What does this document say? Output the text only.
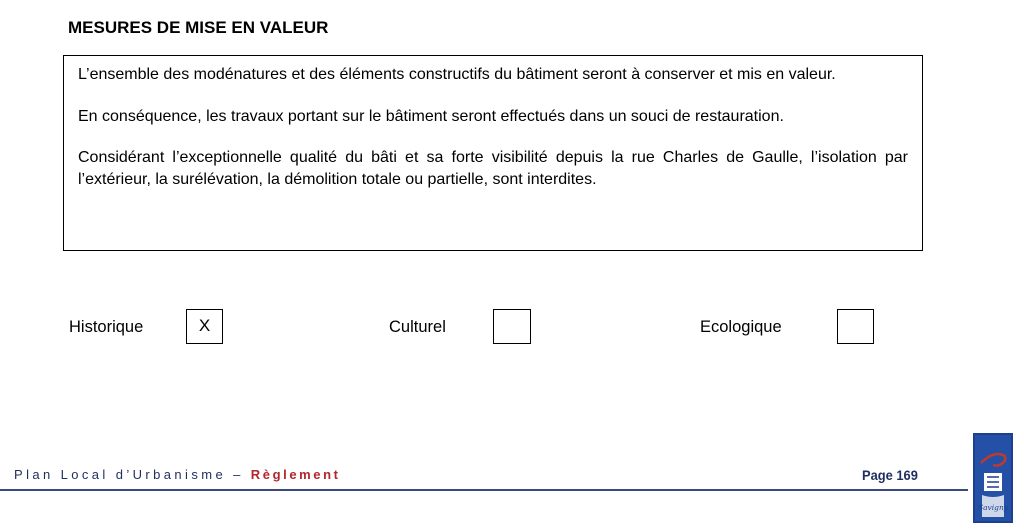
MESURES DE MISE EN VALEUR

L’ensemble des modénatures et des éléments constructifs du bâtiment seront à conserver et mis en valeur.

En conséquence, les travaux portant sur le bâtiment seront effectués dans un souci de restauration.

Considérant l’exceptionnelle qualité du bâti et sa forte visibilité depuis la rue Charles de Gaulle, l’isolation par l’extérieur, la surélévation, la démolition totale ou partielle, sont interdites.

Historique	X	Culturel	Ecologique
Plan Local d’Urbanisme – Règlement	Page 169
Savigny
